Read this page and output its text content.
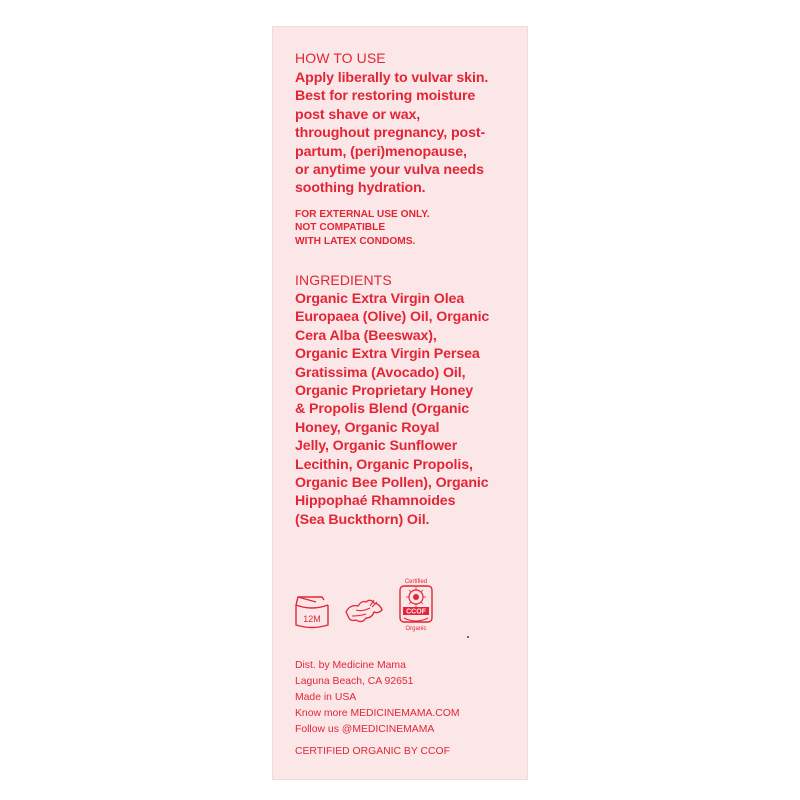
HOW TO USE
Apply liberally to vulvar skin.
Best for restoring moisture
post shave or wax,
throughout pregnancy, post-
partum, (peri)menopause,
or anytime your vulva needs
soothing hydration.
FOR EXTERNAL USE ONLY.
NOT COMPATIBLE
WITH LATEX CONDOMS.
INGREDIENTS
Organic Extra Virgin Olea
Europaea (Olive) Oil, Organic
Cera Alba (Beeswax),
Organic Extra Virgin Persea
Gratissima (Avocado) Oil,
Organic Proprietary Honey
& Propolis Blend (Organic
Honey, Organic Royal
Jelly, Organic Sunflower
Lecithin, Organic Propolis,
Organic Bee Pollen), Organic
Hippophaé Rhamnoides
(Sea Buckthorn) Oil.
12M
Certified
CCOF
Organic
Dist. by Medicine Mama
Laguna Beach, CA 92651
Made in USA
Know more MEDICINEMAMA.COM
Follow us @MEDICINEMAMA
CERTIFIED ORGANIC BY CCOF
